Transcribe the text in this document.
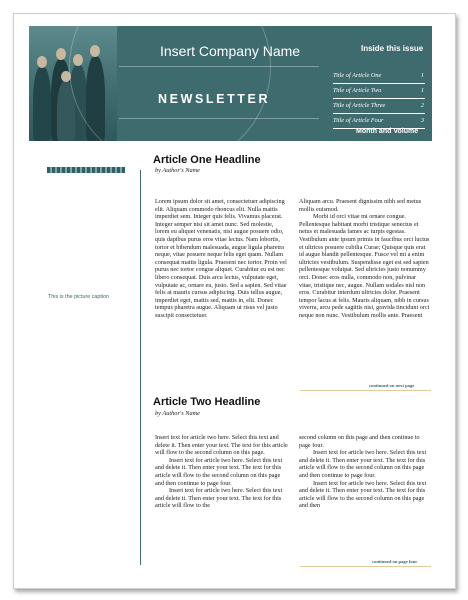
Insert Company Name
NEWSLETTER
Inside this issue
Title of Article One	1
Title of Article Two	1
Title of Article Three	2
Title of Article Four	3
Month and Volume
This is the picture caption
Article One Headline
by Author's Name

Lorem ipsum dolor sit amet, consectetuer adipiscing elit. Aliquam commodo rhoncus elit. Nulla mattis imperdiet sem. Integer quis felis. Vivamus placerat. Integer semper nisi sit amet nunc. Sed molestie, lorem eu aliquet venenatis, nisi augue posuere odio, quis dapibus purus eros vitae lectus. Nam lobortis, tortor et bibendum malesuada, augue ligula pharetra neque, vitae posuere neque felis eget quam. Nullam consequat mattis ligula. Praesent nec tortor. Proin vel purus nec tortor congue aliquet. Curabitur eu est nec libero consequat. Duis arcu lectus, vulputate eget, vulputate ac, ornare eu, justo. Sed a sapien. Sed vitae felis at mauris cursus adipiscing. Duis tellus augue, imperdiet eget, mattis sed, mattis in, elit. Donec tempus pharetra augue. Aliquam ut risus vel justo suscipit consectetuer.

Aliquam arcu. Praesent dignissim nibh sed metus mollis euismod.

Morbi id orci vitae mi ornare congue. Pellentesque habitant morbi tristique senectus et netus et malesuada fames ac turpis egestas. Vestibulum ante ipsum primis in faucibus orci luctus et ultrices posuere cubilia Curae; Quisque quis erat id augue blandit pellentesque. Fusce vel mi a enim ultricies vestibulum. Suspendisse eget est sed sapien pellentesque volutpat. Sed ultricies justo nonummy orci. Donec eros nulla, commodo non, pulvinar vitae, tristique nec, augue. Nullam sodales nisl non eros. Curabitur interdum ultricies dolor. Praesent tempor lacus at felis. Mauris aliquam, nibh in cursus viverra, arcu pede sagittis nisi, gravida tincidunt orci neque non nunc. Vestibulum mollis ante. Praesent

continued on next page
Article Two Headline
by Author's Name

Insert text for article two here. Select this text and delete it. Then enter your text. The text for this article will flow to the second column on this page.

Insert text for article two here. Select this text and delete it. Then enter your text. The text for this article will flow to the second column on this page and then continue to page four.

Insert text for article two here. Select this text and delete it. Then enter your text. The text for this article will flow to the

second column on this page and then continue to page four.

Insert text for article two here. Select this text and delete it. Then enter your text. The text for this article will flow to the second column on this page and then continue to page four.

Insert text for article two here. Select this text and delete it. Then enter your text. The text for this article will flow to the second column on this page and then

continued on page four
